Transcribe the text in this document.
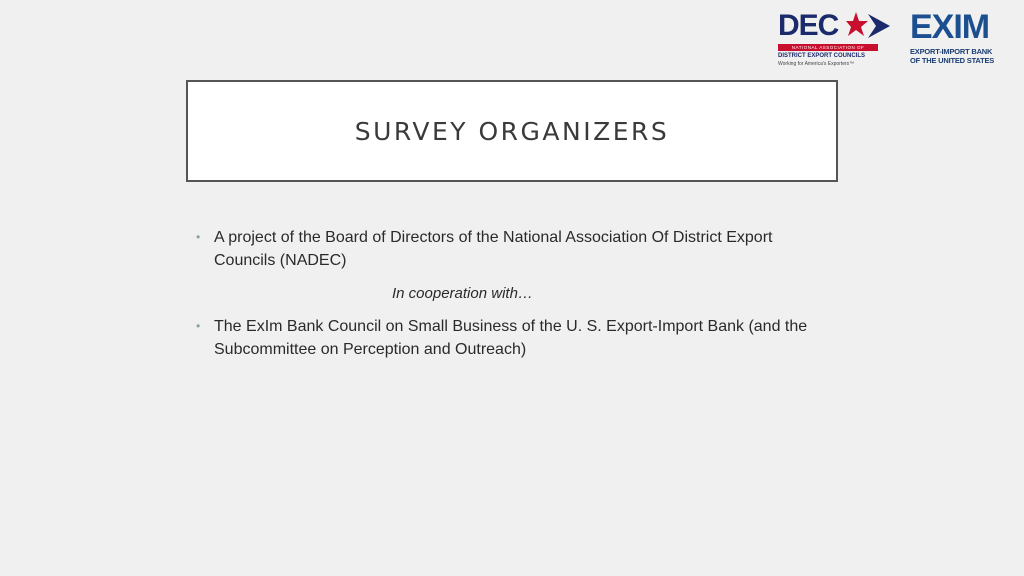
DEC
NATIONAL ASSOCIATION OF
DISTRICT EXPORT COUNCILS
Working for America's Exporters™
EXIM
EXPORT-IMPORT BANK
OF THE UNITED STATES
SURVEY ORGANIZERS
• A project of the Board of Directors of the National Association Of District Export Councils (NADEC)
In cooperation with…
• The ExIm Bank Council on Small Business of the U. S. Export-Import Bank (and the Subcommittee on Perception and Outreach)
